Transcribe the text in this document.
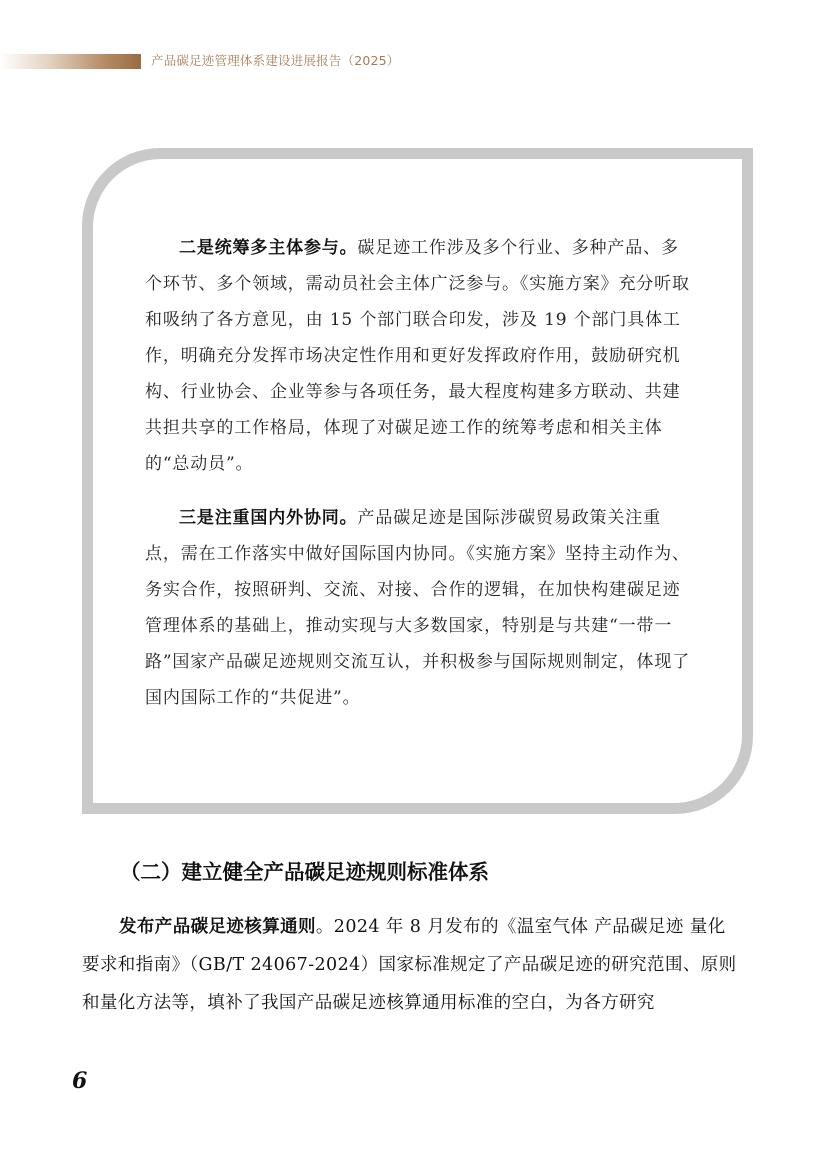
产品碳足迹管理体系建设进展报告（2025）

二是统筹多主体参与。碳足迹工作涉及多个行业、多种产品、多个环节、多个领域，需动员社会主体广泛参与。《实施方案》充分听取和吸纳了各方意见，由 15 个部门联合印发，涉及 19 个部门具体工作，明确充分发挥市场决定性作用和更好发挥政府作用，鼓励研究机构、行业协会、企业等参与各项任务，最大程度构建多方联动、共建共担共享的工作格局，体现了对碳足迹工作的统筹考虑和相关主体的“总动员”。

三是注重国内外协同。产品碳足迹是国际涉碳贸易政策关注重点，需在工作落实中做好国际国内协同。《实施方案》坚持主动作为、务实合作，按照研判、交流、对接、合作的逻辑，在加快构建碳足迹管理体系的基础上，推动实现与大多数国家，特别是与共建“一带一路”国家产品碳足迹规则交流互认，并积极参与国际规则制定，体现了国内国际工作的“共促进”。

（二）建立健全产品碳足迹规则标准体系

发布产品碳足迹核算通则。2024 年 8 月发布的《温室气体 产品碳足迹 量化要求和指南》（GB/T 24067-2024）国家标准规定了产品碳足迹的研究范围、原则和量化方法等，填补了我国产品碳足迹核算通用标准的空白，为各方研究

6
